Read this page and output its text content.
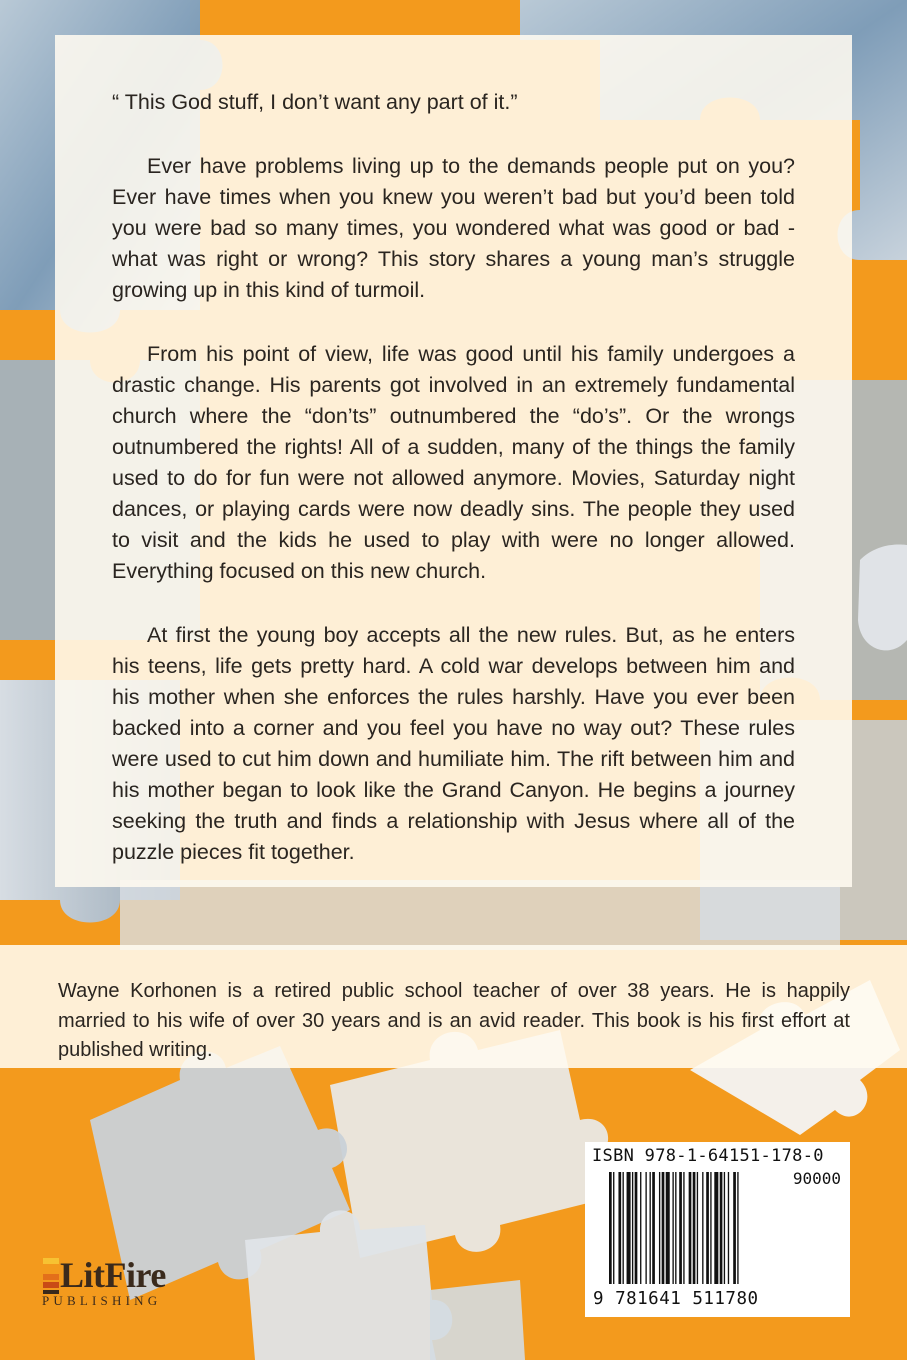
“ This God stuff, I don’t want any part of it.”

Ever have problems living up to the demands people put on you? Ever have times when you knew you weren’t bad but you’d been told you were bad so many times, you wondered what was good or bad - what was right or wrong? This story shares a young man’s struggle growing up in this kind of turmoil.

From his point of view, life was good until his family undergoes a drastic change. His parents got involved in an extremely fundamental church where the “don’ts” outnumbered the “do’s”. Or the wrongs outnumbered the rights! All of a sudden, many of the things the family used to do for fun were not allowed anymore. Movies, Saturday night dances, or playing cards were now deadly sins. The people they used to visit and the kids he used to play with were no longer allowed. Everything focused on this new church.

At first the young boy accepts all the new rules. But, as he enters his teens, life gets pretty hard. A cold war develops between him and his mother when she enforces the rules harshly. Have you ever been backed into a corner and you feel you have no way out? These rules were used to cut him down and humiliate him. The rift between him and his mother began to look like the Grand Canyon. He begins a journey seeking the truth and finds a relationship with Jesus where all of the puzzle pieces fit together.

Wayne Korhonen is a retired public school teacher of over 38 years. He is happily married to his wife of over 30 years and is an avid reader. This book is his first effort at published writing.

LitFire
PUBLISHING
ISBN 978-1-64151-178-0
90000
9 781641 511780
